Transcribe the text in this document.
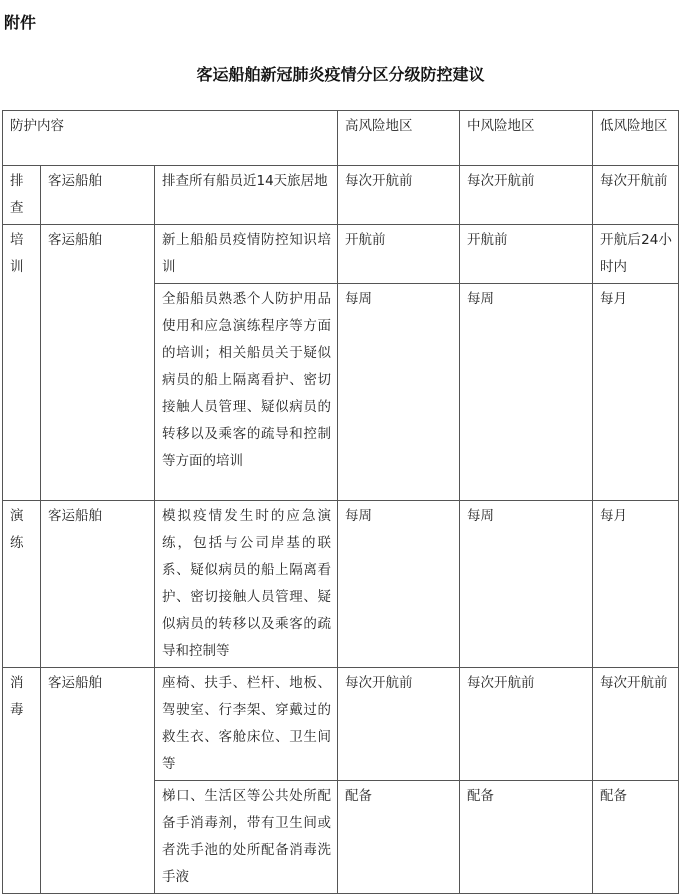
附件
客运船舶新冠肺炎疫情分区分级防控建议
防护内容			高风险地区	中风险地区	低风险地区
排查	客运船舶	排查所有船员近14天旅居地	每次开航前	每次开航前	每次开航前
培训	客运船舶	新上船船员疫情防控知识培训	开航前	开航前	开航后24小时内
		全船船员熟悉个人防护用品使用和应急演练程序等方面的培训；相关船员关于疑似病员的船上隔离看护、密切接触人员管理、疑似病员的转移以及乘客的疏导和控制等方面的培训	每周	每周	每月
演练	客运船舶	模拟疫情发生时的应急演练，包括与公司岸基的联系、疑似病员的船上隔离看护、密切接触人员管理、疑似病员的转移以及乘客的疏导和控制等	每周	每周	每月
消毒	客运船舶	座椅、扶手、栏杆、地板、驾驶室、行李架、穿戴过的救生衣、客舱床位、卫生间等	每次开航前	每次开航前	每次开航前
		梯口、生活区等公共处所配备手消毒剂，带有卫生间或者洗手池的处所配备消毒洗手液	配备	配备	配备
